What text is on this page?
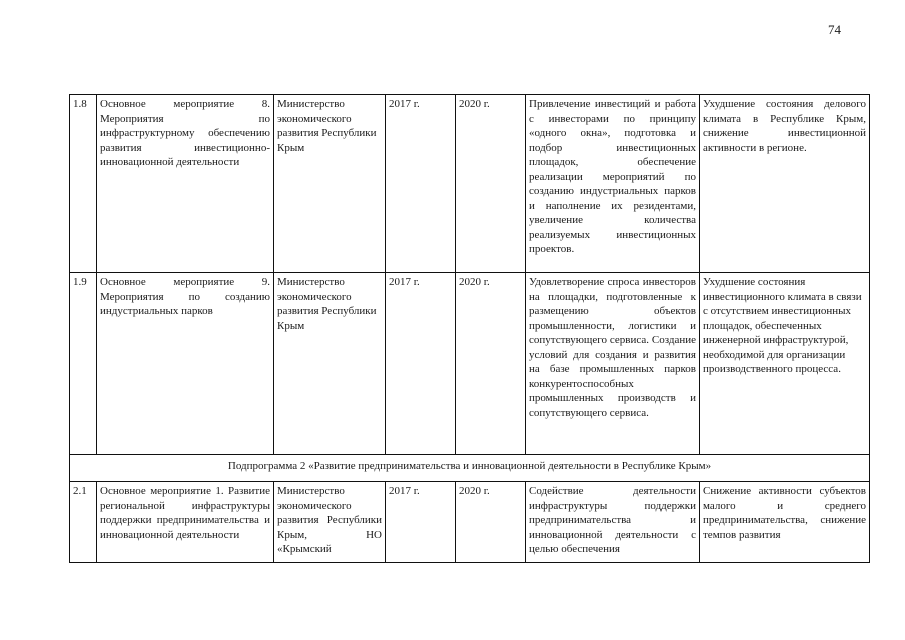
74
1.8	Основное мероприятие 8. Мероприятия по инфраструктурному обеспечению развития инвестиционно-инновационной деятельности	Министерство экономического развития Республики Крым	2017 г.	2020 г.	Привлечение инвестиций и работа с инвесторами по принципу «одного окна», подготовка и подбор инвестиционных площадок, обеспечение реализации мероприятий по созданию индустриальных парков и наполнение их резидентами, увеличение количества реализуемых инвестиционных проектов.	Ухудшение состояния делового климата в Республике Крым, снижение инвестиционной активности в регионе.
1.9	Основное мероприятие 9. Мероприятия по созданию индустриальных парков	Министерство экономического развития Республики Крым	2017 г.	2020 г.	Удовлетворение спроса инвесторов на площадки, подготовленные к размещению объектов промышленности, логистики и сопутствующего сервиса. Создание условий для создания и развития на базе промышленных парков конкурентоспособных промышленных производств и сопутствующего сервиса.	Ухудшение состояния инвестиционного климата в связи с отсутствием инвестиционных площадок, обеспеченных инженерной инфраструктурой, необходимой для организации производственного процесса.
Подпрограмма 2 «Развитие предпринимательства и инновационной деятельности в Республике Крым»						
2.1	Основное мероприятие 1. Развитие региональной инфраструктуры поддержки предпринимательства и инновационной деятельности	Министерство экономического развития Республики Крым, НО «Крымский	2017 г.	2020 г.	Содействие деятельности инфраструктуры поддержки предпринимательства и инновационной деятельности с целью обеспечения	Снижение активности субъектов малого и среднего предпринимательства, снижение темпов развития
